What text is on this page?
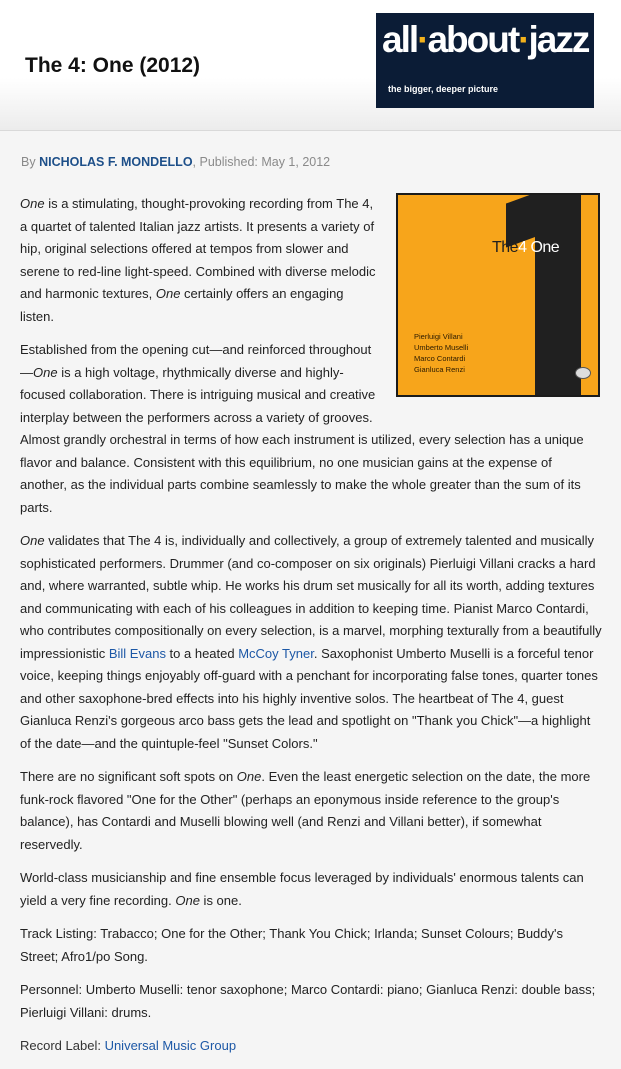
The 4: One (2012)
all·about·jazz
the bigger, deeper picture
By NICHOLAS F. MONDELLO, Published: May 1, 2012
The4 One
Pierluigi Villani
Umberto Muselli
Marco Contardi
Gianluca Renzi

One is a stimulating, thought-provoking recording from The 4, a quartet of talented Italian jazz artists. It presents a variety of hip, original selections offered at tempos from slower and serene to red-line light-speed. Combined with diverse melodic and harmonic textures, One certainly offers an engaging listen.

Established from the opening cut—and reinforced throughout—One is a high voltage, rhythmically diverse and highly-focused collaboration. There is intriguing musical and creative interplay between the performers across a variety of grooves. Almost grandly orchestral in terms of how each instrument is utilized, every selection has a unique flavor and balance. Consistent with this equilibrium, no one musician gains at the expense of another, as the individual parts combine seamlessly to make the whole greater than the sum of its parts.

One validates that The 4 is, individually and collectively, a group of extremely talented and musically sophisticated performers. Drummer (and co-composer on six originals) Pierluigi Villani cracks a hard and, where warranted, subtle whip. He works his drum set musically for all its worth, adding textures and communicating with each of his colleagues in addition to keeping time. Pianist Marco Contardi, who contributes compositionally on every selection, is a marvel, morphing texturally from a beautifully impressionistic Bill Evans to a heated McCoy Tyner. Saxophonist Umberto Muselli is a forceful tenor voice, keeping things enjoyably off-guard with a penchant for incorporating false tones, quarter tones and other saxophone-bred effects into his highly inventive solos. The heartbeat of The 4, guest Gianluca Renzi's gorgeous arco bass gets the lead and spotlight on "Thank you Chick"—a highlight of the date—and the quintuple-feel "Sunset Colors."

There are no significant soft spots on One. Even the least energetic selection on the date, the more funk-rock flavored "One for the Other" (perhaps an eponymous inside reference to the group's balance), has Contardi and Muselli blowing well (and Renzi and Villani better), if somewhat reservedly.

World-class musicianship and fine ensemble focus leveraged by individuals' enormous talents can yield a very fine recording. One is one.

Track Listing: Trabacco; One for the Other; Thank You Chick; Irlanda; Sunset Colours; Buddy's Street; Afro1/po Song.

Personnel: Umberto Muselli: tenor saxophone; Marco Contardi: piano; Gianluca Renzi: double bass; Pierluigi Villani: drums.

Record Label: Universal Music Group
